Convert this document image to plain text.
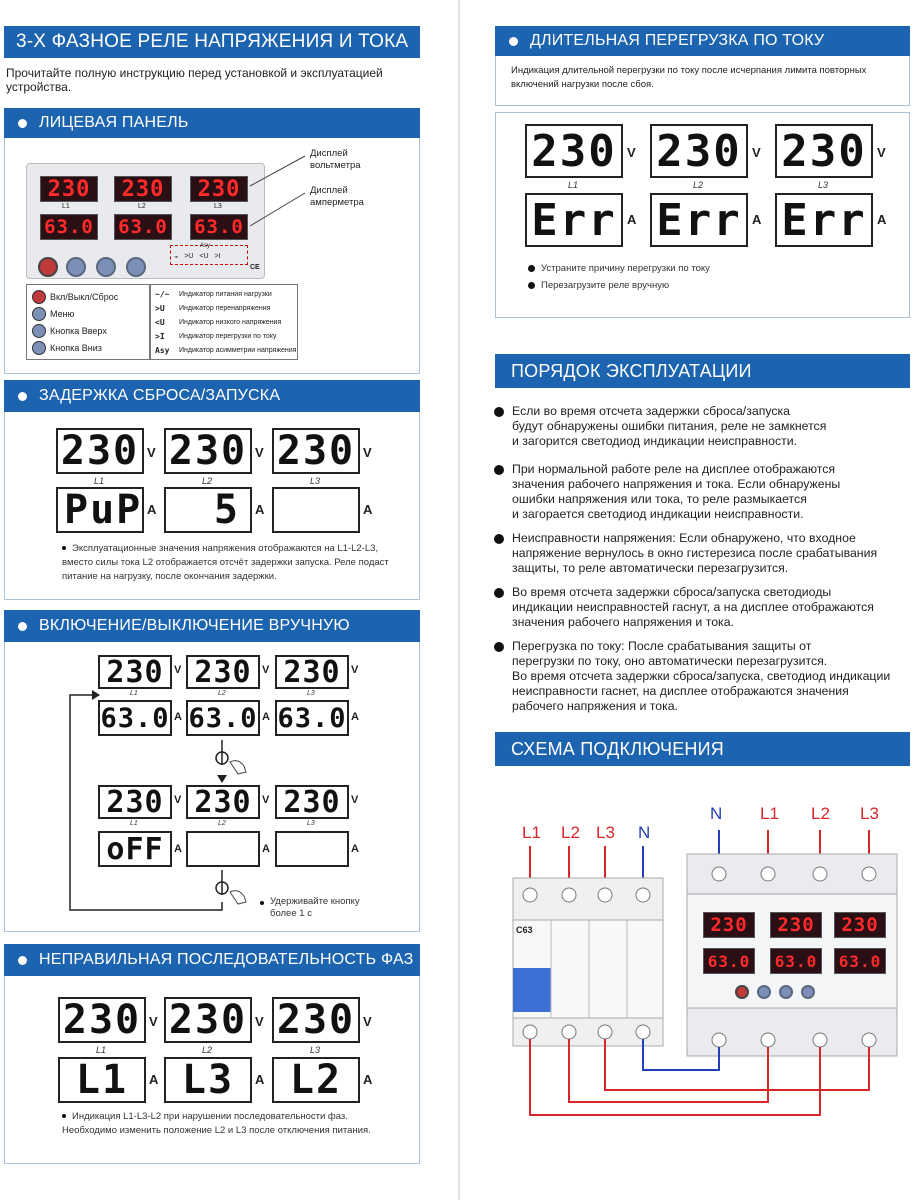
3-Х ФАЗНОЕ РЕЛЕ НАПРЯЖЕНИЯ И ТОКА
Прочитайте полную инструкцию перед установкой и эксплуатацией устройства.
ЛИЦЕВАЯ ПАНЕЛЬ
230	230	230
63.0 63.0 63.0
L1	L2	L3
Asy
⌁ >U <U >I
CE
Дисплей
вольтметра
Дисплей
амперметра
Вкл/Выкл/Сброс
Меню
Кнопка Вверх
Кнопка Вниз
~/~	Индикатор питания нагрузки
>U	Индикатор перенапряжения
<U	Индикатор низкого напряжения
>I	Индикатор перегрузки по току
Asy	Индикатор асимметрии напряжения
ЗАДЕРЖКА СБРОСА/ЗАПУСКА
230 230 230
V	V	V
L1	L2	L3
PuP	5
A	A	A
Эксплуатационные значения напряжения отображаются на L1-L2-L3, вместо силы тока L2 отображается отсчёт задержки запуска. Реле подаст питание на нагрузку, после окончания задержки.
ВКЛЮЧЕНИЕ/ВЫКЛЮЧЕНИЕ ВРУЧНУЮ
230 230 230
V	V	V
L1	L2	L3
63.0 63.0 63.0
A	A	A
230 230 230
V	V	V
L1	L2	L3
oFF A	A	A
Удерживайте кнопку
более 1 с
НЕПРАВИЛЬНАЯ ПОСЛЕДОВАТЕЛЬНОСТЬ ФАЗ
230 230 230
V	V	V
L1	L2	L3
L1	L3	L2
A	A	A
Индикация L1-L3-L2 при нарушении последовательности фаз.
Необходимо изменить положение L2 и L3 после отключения питания.
ДЛИТЕЛЬНАЯ ПЕРЕГРУЗКА ПО ТОКУ
Индикация длительной перегрузки по току после исчерпания лимита повторных включений нагрузки после сбоя.
230 230 230
V	V	V
L1	L2	L3
Err Err Err
A	A	A
Устраните причину перегрузки по току
Перезагрузите реле вручную
ПОРЯДОК ЭКСПЛУАТАЦИИ
Если во время отсчета задержки сброса/запуска
будут обнаружены ошибки питания, реле не замкнется
и загорится светодиод индикации неисправности.
При нормальной работе реле на дисплее отображаются
значения рабочего напряжения и тока. Если обнаружены
ошибки напряжения или тока, то реле размыкается
и загорается светодиод индикации неисправности.
Неисправности напряжения: Если обнаружено, что входное
напряжение вернулось в окно гистерезиса после срабатывания
защиты, то реле автоматически перезагрузится.
Во время отсчета задержки сброса/запуска светодиоды
индикации неисправностей гаснут, а на дисплее отображаются
значения рабочего напряжения и тока.
Перегрузка по току: После срабатывания защиты от
перегрузки по току, оно автоматически перезагрузится.
Во время отсчета задержки сброса/запуска, светодиод индикации
неисправности гаснет, на дисплее отображаются значения
рабочего напряжения и тока.
СХЕМА ПОДКЛЮЧЕНИЯ
L1 L2 L3 N
N L1 L2 L3
C63	230	230	230
63.0 63.0 63.0
